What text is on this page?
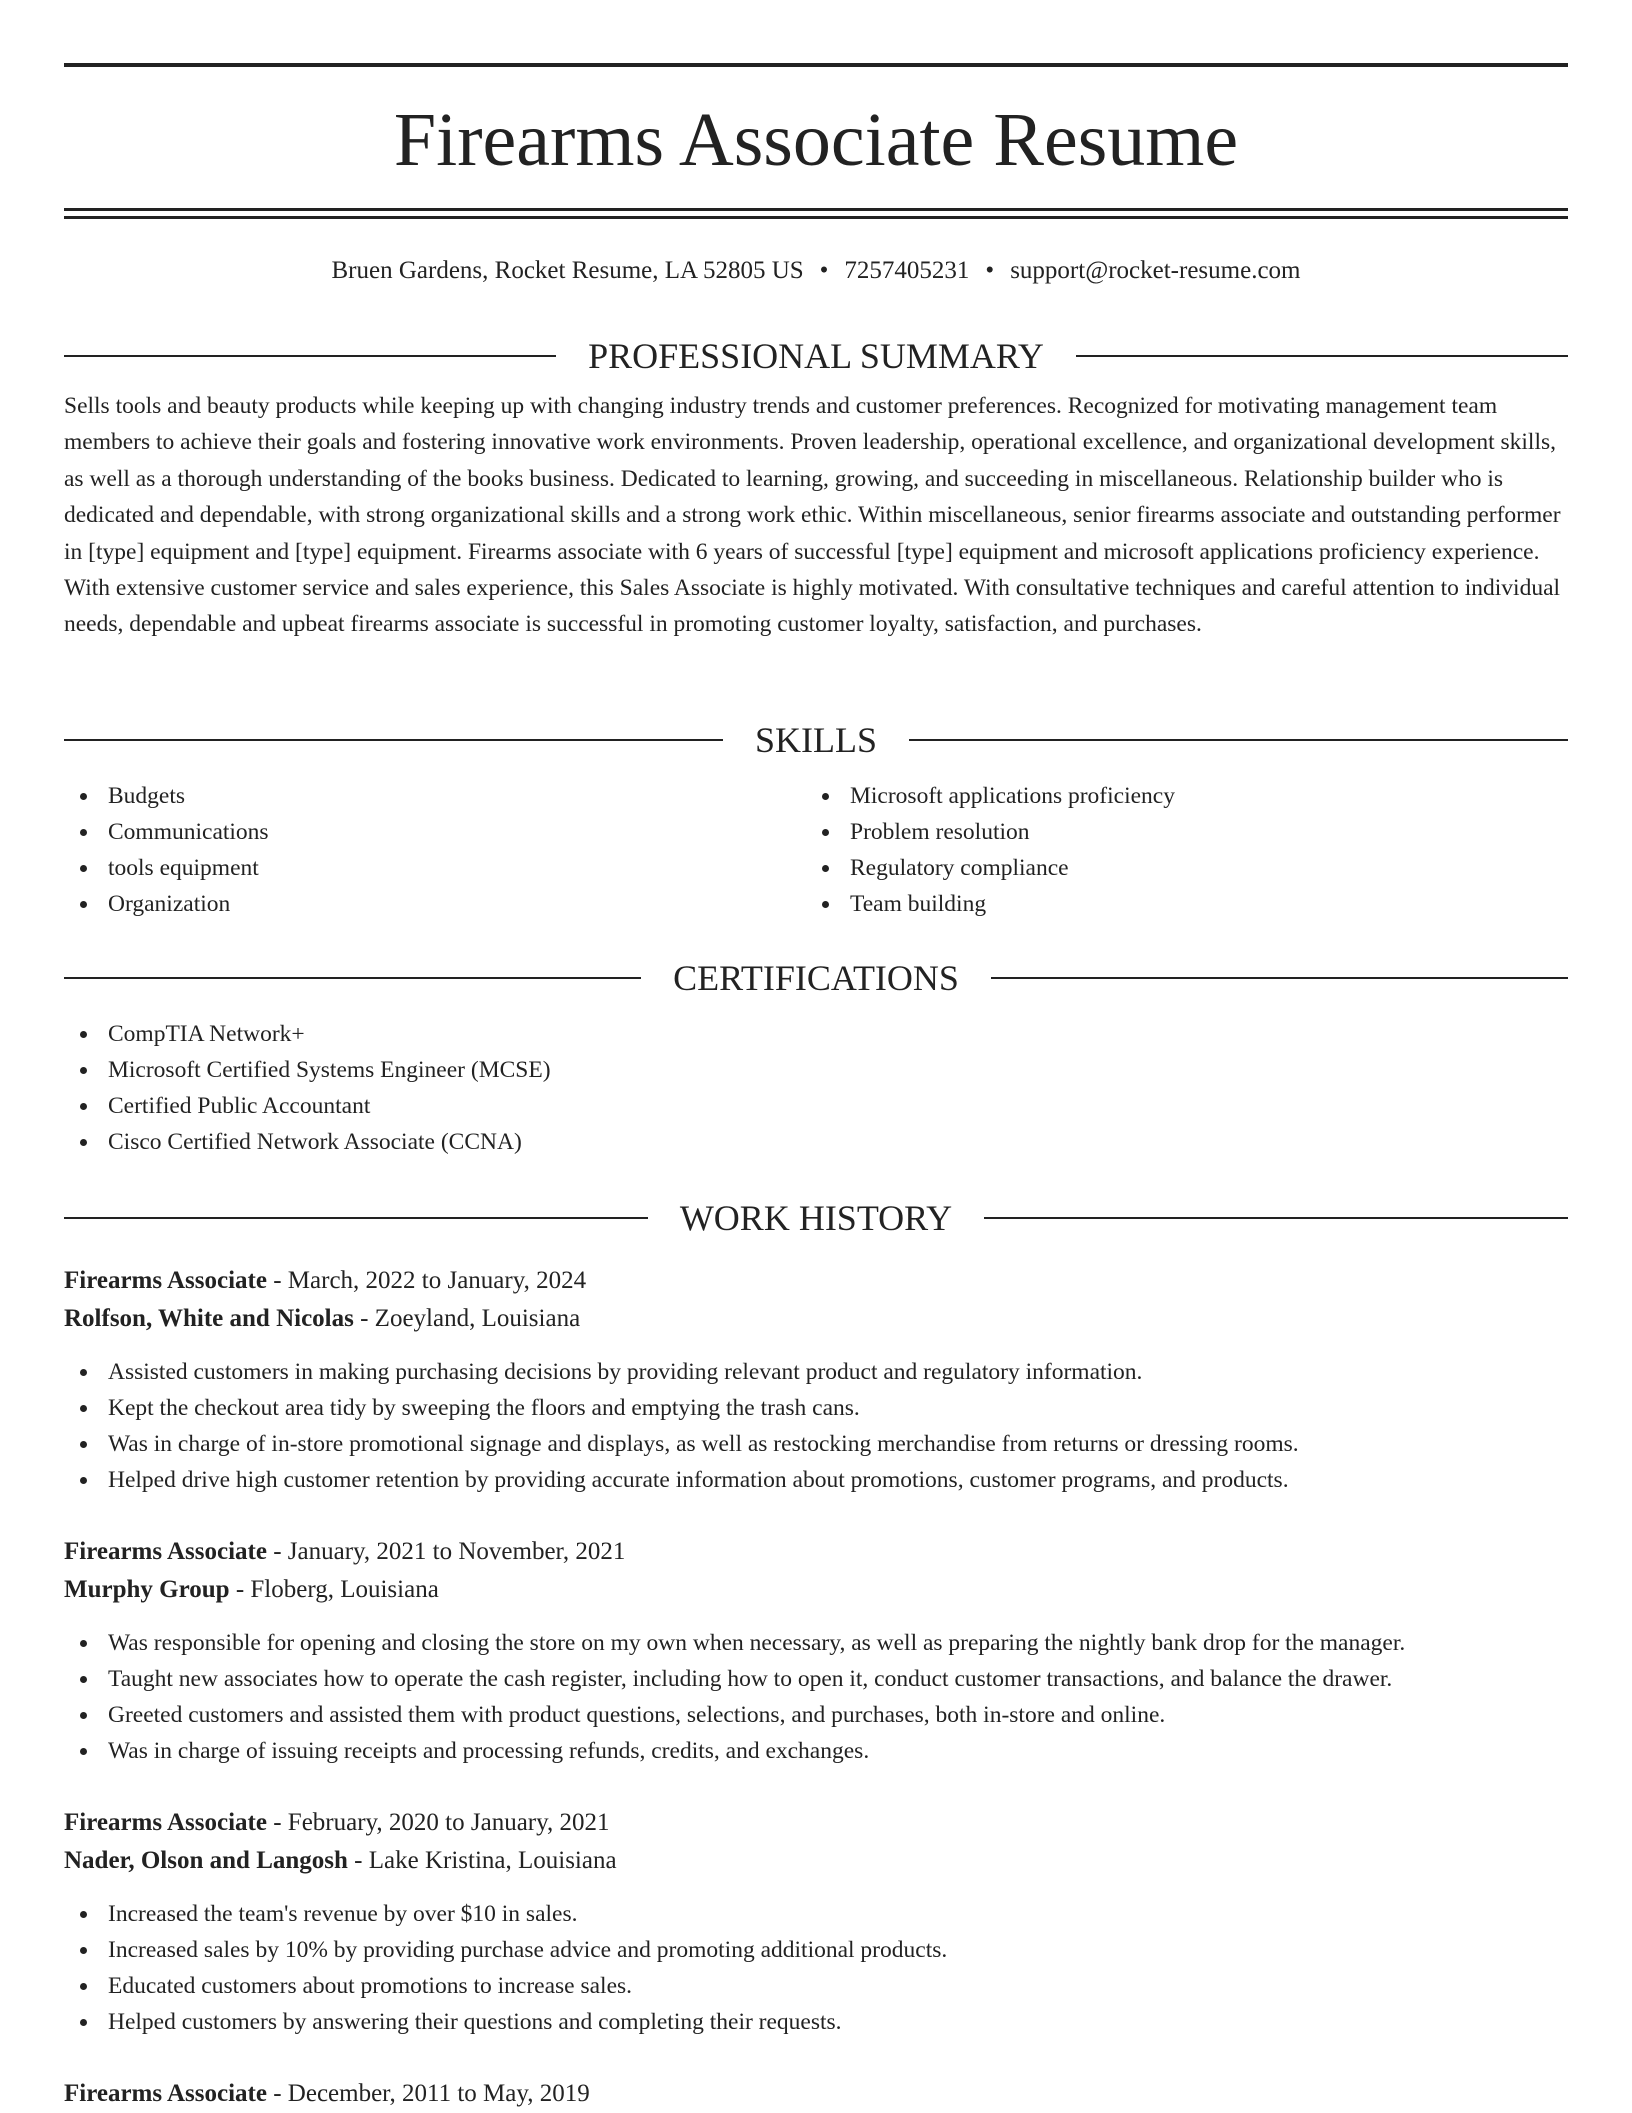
Firearms Associate Resume
Bruen Gardens, Rocket Resume, LA 52805 US • 7257405231 • support@rocket-resume.com
PROFESSIONAL SUMMARY

Sells tools and beauty products while keeping up with changing industry trends and customer preferences. Recognized for motivating management team members to achieve their goals and fostering innovative work environments. Proven leadership, operational excellence, and organizational development skills, as well as a thorough understanding of the books business. Dedicated to learning, growing, and succeeding in miscellaneous. Relationship builder who is dedicated and dependable, with strong organizational skills and a strong work ethic. Within miscellaneous, senior firearms associate and outstanding performer in [type] equipment and [type] equipment. Firearms associate with 6 years of successful [type] equipment and microsoft applications proficiency experience. With extensive customer service and sales experience, this Sales Associate is highly motivated. With consultative techniques and careful attention to individual needs, dependable and upbeat firearms associate is successful in promoting customer loyalty, satisfaction, and purchases.

SKILLS
Budgets
Communications
tools equipment
Organization
Microsoft applications proficiency
Problem resolution
Regulatory compliance
Team building
CERTIFICATIONS
CompTIA Network+
Microsoft Certified Systems Engineer (MCSE)
Certified Public Accountant
Cisco Certified Network Associate (CCNA)
WORK HISTORY
Firearms Associate - March, 2022 to January, 2024
Rolfson, White and Nicolas - Zoeyland, Louisiana
Assisted customers in making purchasing decisions by providing relevant product and regulatory information.
Kept the checkout area tidy by sweeping the floors and emptying the trash cans.
Was in charge of in-store promotional signage and displays, as well as restocking merchandise from returns or dressing rooms.
Helped drive high customer retention by providing accurate information about promotions, customer programs, and products.
Firearms Associate - January, 2021 to November, 2021
Murphy Group - Floberg, Louisiana
Was responsible for opening and closing the store on my own when necessary, as well as preparing the nightly bank drop for the manager.
Taught new associates how to operate the cash register, including how to open it, conduct customer transactions, and balance the drawer.
Greeted customers and assisted them with product questions, selections, and purchases, both in-store and online.
Was in charge of issuing receipts and processing refunds, credits, and exchanges.
Firearms Associate - February, 2020 to January, 2021
Nader, Olson and Langosh - Lake Kristina, Louisiana
Increased the team's revenue by over $10 in sales.
Increased sales by 10% by providing purchase advice and promoting additional products.
Educated customers about promotions to increase sales.
Helped customers by answering their questions and completing their requests.
Firearms Associate - December, 2011 to May, 2019
